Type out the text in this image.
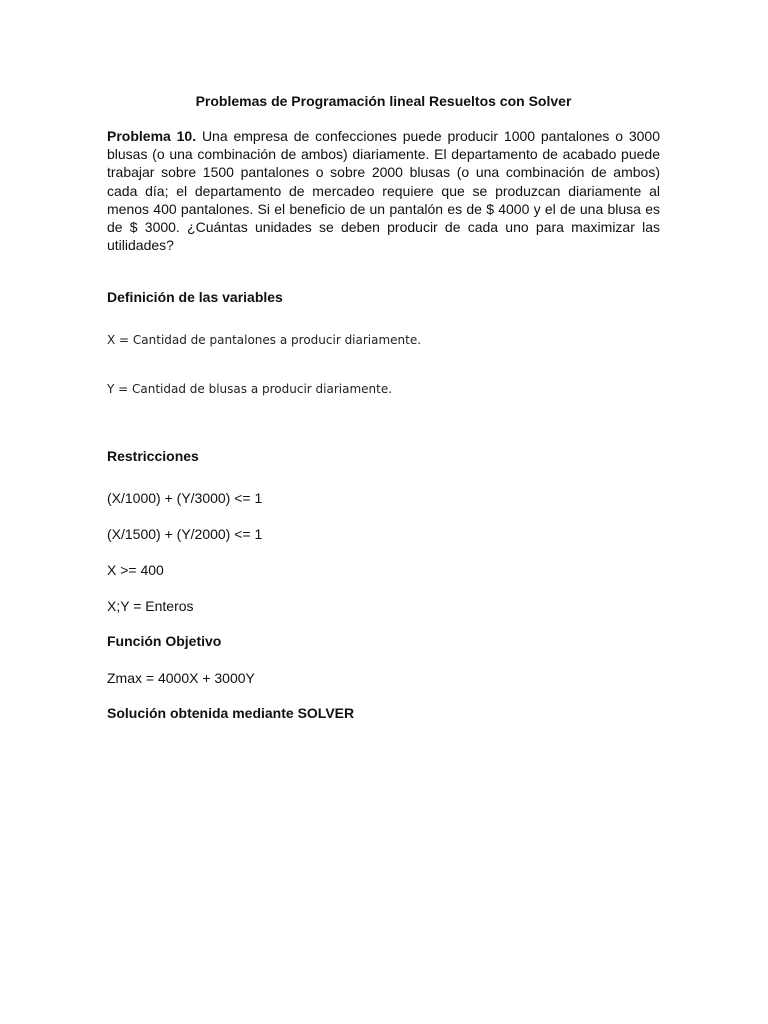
Problemas de Programación lineal Resueltos con Solver
Problema 10. Una empresa de confecciones puede producir 1000 pantalones o 3000 blusas (o una combinación de ambos) diariamente. El departamento de acabado puede trabajar sobre 1500 pantalones o sobre 2000 blusas (o una combinación de ambos) cada día; el departamento de mercadeo requiere que se produzcan diariamente al menos 400 pantalones. Si el beneficio de un pantalón es de $ 4000 y el de una blusa es de $ 3000. ¿Cuántas unidades se deben producir de cada uno para maximizar las utilidades?
Definición de las variables
X = Cantidad de pantalones a producir diariamente.
Y = Cantidad de blusas a producir diariamente.
Restricciones
(X/1000) + (Y/3000) <= 1
(X/1500) + (Y/2000) <= 1
X >= 400
X;Y = Enteros
Función Objetivo
Zmax = 4000X + 3000Y
Solución obtenida mediante SOLVER
